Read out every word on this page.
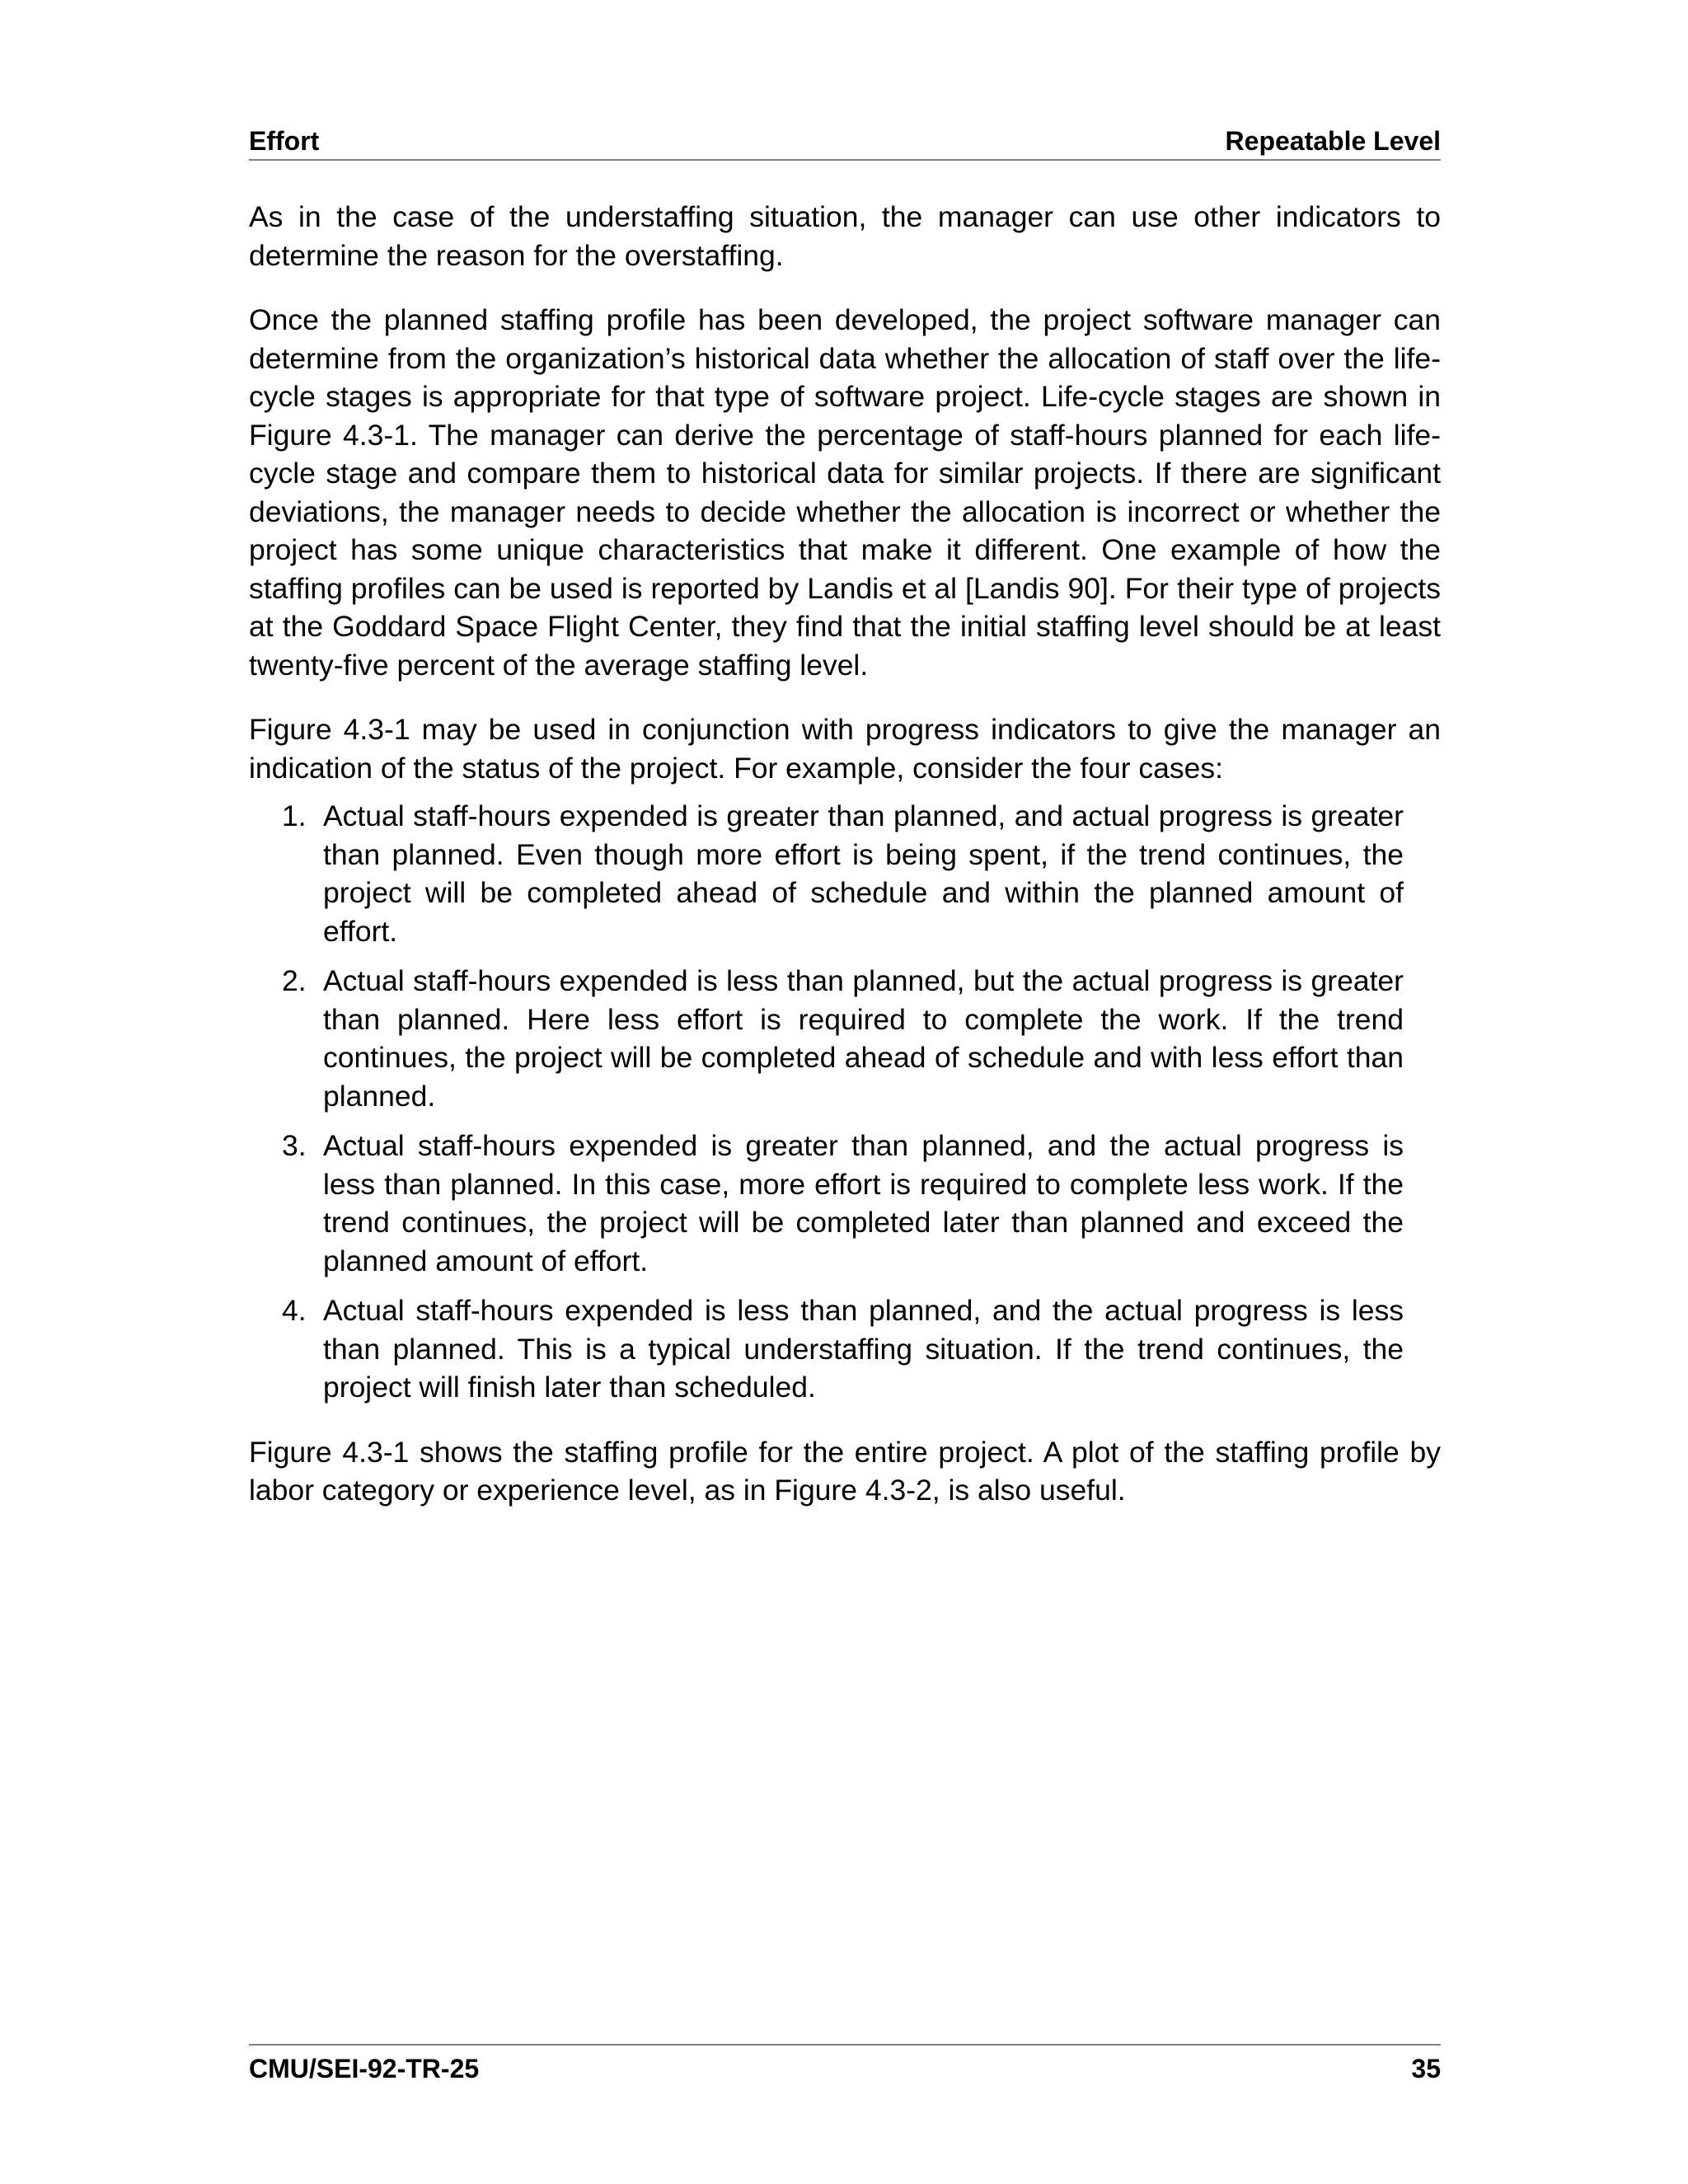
Effort	Repeatable Level

As in the case of the understaffing situation, the manager can use other indicators to determine the reason for the overstaffing.

Once the planned staffing profile has been developed, the project software manager can determine from the organization’s historical data whether the allocation of staff over the life-cycle stages is appropriate for that type of software project. Life-cycle stages are shown in Figure 4.3-1. The manager can derive the percentage of staff-hours planned for each life-cycle stage and compare them to historical data for similar projects. If there are significant deviations, the manager needs to decide whether the allocation is incorrect or whether the project has some unique characteristics that make it different. One example of how the staffing profiles can be used is reported by Landis et al [Landis 90]. For their type of projects at the Goddard Space Flight Center, they find that the initial staffing level should be at least twenty-five percent of the average staffing level.

Figure 4.3-1 may be used in conjunction with progress indicators to give the manager an indication of the status of the project. For example, consider the four cases:

1. Actual staff-hours expended is greater than planned, and actual progress is greater than planned. Even though more effort is being spent, if the trend continues, the project will be completed ahead of schedule and within the planned amount of effort.
2. Actual staff-hours expended is less than planned, but the actual progress is greater than planned. Here less effort is required to complete the work. If the trend continues, the project will be completed ahead of schedule and with less effort than planned.
3. Actual staff-hours expended is greater than planned, and the actual progress is less than planned. In this case, more effort is required to complete less work. If the trend continues, the project will be completed later than planned and exceed the planned amount of effort.
4. Actual staff-hours expended is less than planned, and the actual progress is less than planned. This is a typical understaffing situation. If the trend continues, the project will finish later than scheduled.

Figure 4.3-1 shows the staffing profile for the entire project. A plot of the staffing profile by labor category or experience level, as in Figure 4.3-2, is also useful.

CMU/SEI-92-TR-25	35
